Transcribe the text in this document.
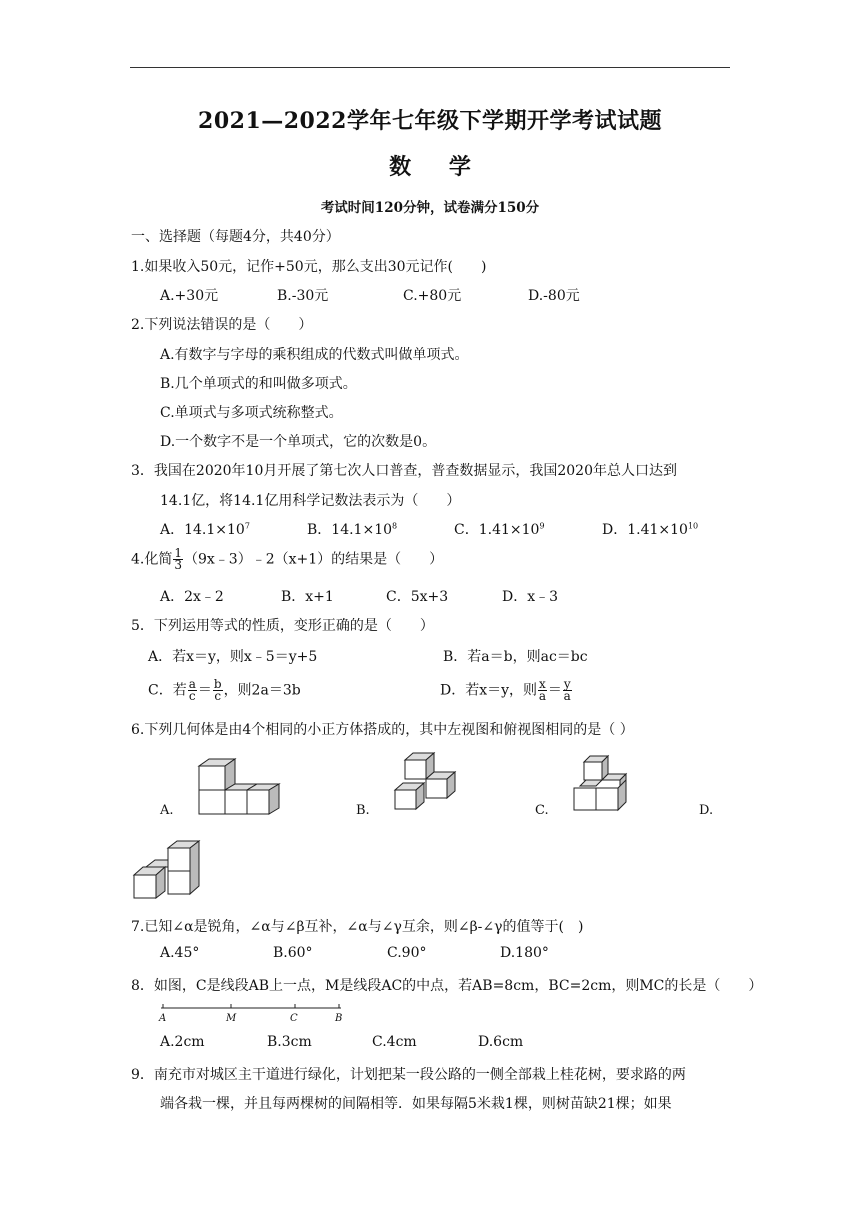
2021—2022学年七年级下学期开学考试试题
数 学
考试时间120分钟，试卷满分150分
一、选择题（每题4分，共40分）
1.如果收入50元，记作+50元，那么支出30元记作(　　)
A.+30元	B.-30元	C.+80元	D.-80元
2.下列说法错误的是（　　）
A.有数字与字母的乘积组成的代数式叫做单项式。
B.几个单项式的和叫做多项式。
C.单项式与多项式统称整式。
D.一个数字不是一个单项式，它的次数是0。
3．我国在2020年10月开展了第七次人口普查，普查数据显示，我国2020年总人口达到
14.1亿，将14.1亿用科学记数法表示为（　　）
A．$14.1\times 10^7$	B．$14.1\times 10^8$	C．$1.41\times 10^9$	D．$1.41\times 10^{10}$
4.化简 $\frac{1}{3}$ （9x﹣3）﹣2（x+1）的结果是（　　）
A．2x﹣2	B．x+1	C．5x+3	D．x﹣3
5．下列运用等式的性质，变形正确的是（　　）
A．若x＝y，则x﹣5＝y+5	B．若a＝b，则ac＝bc
C．若 $\frac{a}{c} = \frac{b}{c}$ ，则2a＝3b	D．若x＝y，则 $\frac{x}{a} = \frac{y}{a}$
6.下列几何体是由4个相同的小正方体搭成的，其中左视图和俯视图相同的是（ ）
A.	B.	C.	D.
7.已知∠α是锐角，∠α与∠β互补，∠α与∠γ互余，则∠β-∠γ的值等于(　)
A.45°	B.60°	C.90°	D.180°
8．如图，C是线段AB上一点，M是线段AC的中点，若AB=8cm，BC=2cm，则MC的长是（　　）
A	M	C	B
A.2cm	B.3cm	C.4cm	D.6cm
9．南充市对城区主干道进行绿化，计划把某一段公路的一侧全部栽上桂花树，要求路的两
端各栽一棵，并且每两棵树的间隔相等．如果每隔5米栽1棵，则树苗缺21棵；如果
